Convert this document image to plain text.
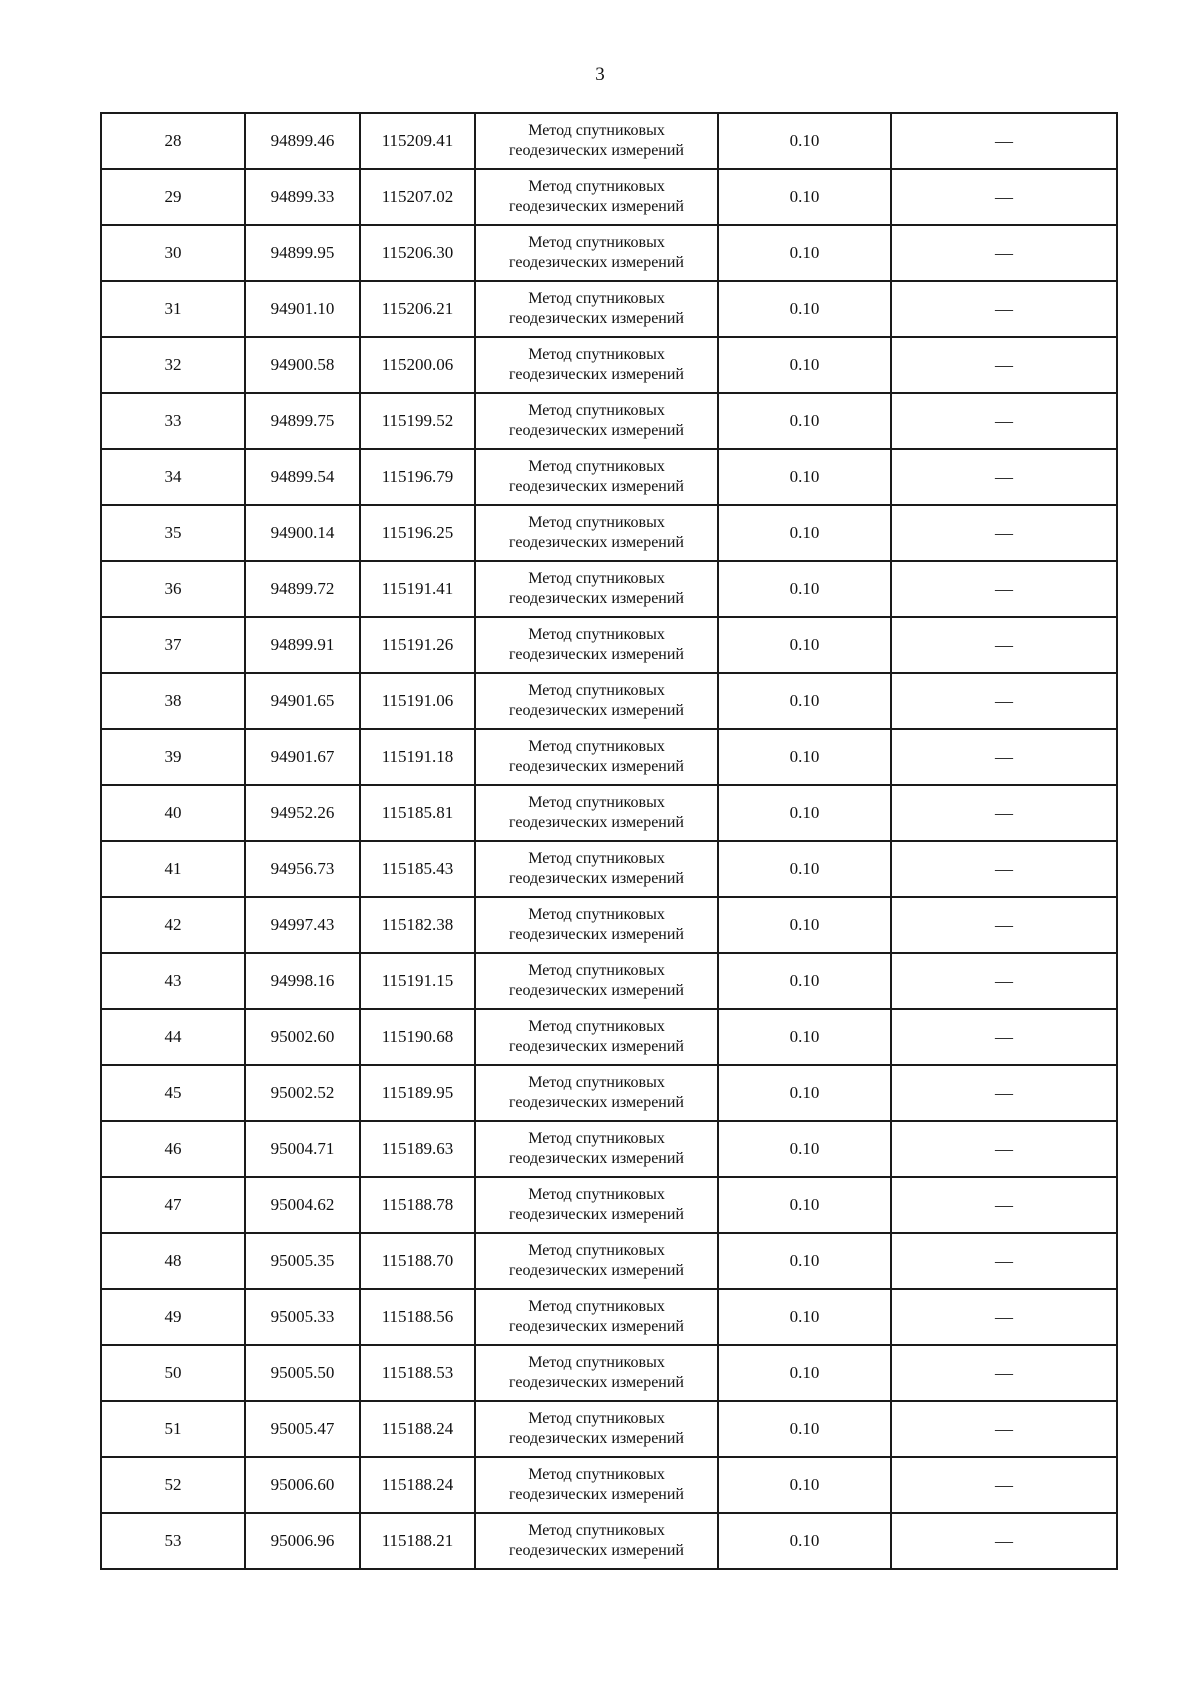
3
28	94899.46	115209.41	Метод спутниковых
геодезических измерений	0.10	—
29	94899.33	115207.02	Метод спутниковых
геодезических измерений	0.10	—
30	94899.95	115206.30	Метод спутниковых
геодезических измерений	0.10	—
31	94901.10	115206.21	Метод спутниковых
геодезических измерений	0.10	—
32	94900.58	115200.06	Метод спутниковых
геодезических измерений	0.10	—
33	94899.75	115199.52	Метод спутниковых
геодезических измерений	0.10	—
34	94899.54	115196.79	Метод спутниковых
геодезических измерений	0.10	—
35	94900.14	115196.25	Метод спутниковых
геодезических измерений	0.10	—
36	94899.72	115191.41	Метод спутниковых
геодезических измерений	0.10	—
37	94899.91	115191.26	Метод спутниковых
геодезических измерений	0.10	—
38	94901.65	115191.06	Метод спутниковых
геодезических измерений	0.10	—
39	94901.67	115191.18	Метод спутниковых
геодезических измерений	0.10	—
40	94952.26	115185.81	Метод спутниковых
геодезических измерений	0.10	—
41	94956.73	115185.43	Метод спутниковых
геодезических измерений	0.10	—
42	94997.43	115182.38	Метод спутниковых
геодезических измерений	0.10	—
43	94998.16	115191.15	Метод спутниковых
геодезических измерений	0.10	—
44	95002.60	115190.68	Метод спутниковых
геодезических измерений	0.10	—
45	95002.52	115189.95	Метод спутниковых
геодезических измерений	0.10	—
46	95004.71	115189.63	Метод спутниковых
геодезических измерений	0.10	—
47	95004.62	115188.78	Метод спутниковых
геодезических измерений	0.10	—
48	95005.35	115188.70	Метод спутниковых
геодезических измерений	0.10	—
49	95005.33	115188.56	Метод спутниковых
геодезических измерений	0.10	—
50	95005.50	115188.53	Метод спутниковых
геодезических измерений	0.10	—
51	95005.47	115188.24	Метод спутниковых
геодезических измерений	0.10	—
52	95006.60	115188.24	Метод спутниковых
геодезических измерений	0.10	—
53	95006.96	115188.21	Метод спутниковых
геодезических измерений	0.10	—
